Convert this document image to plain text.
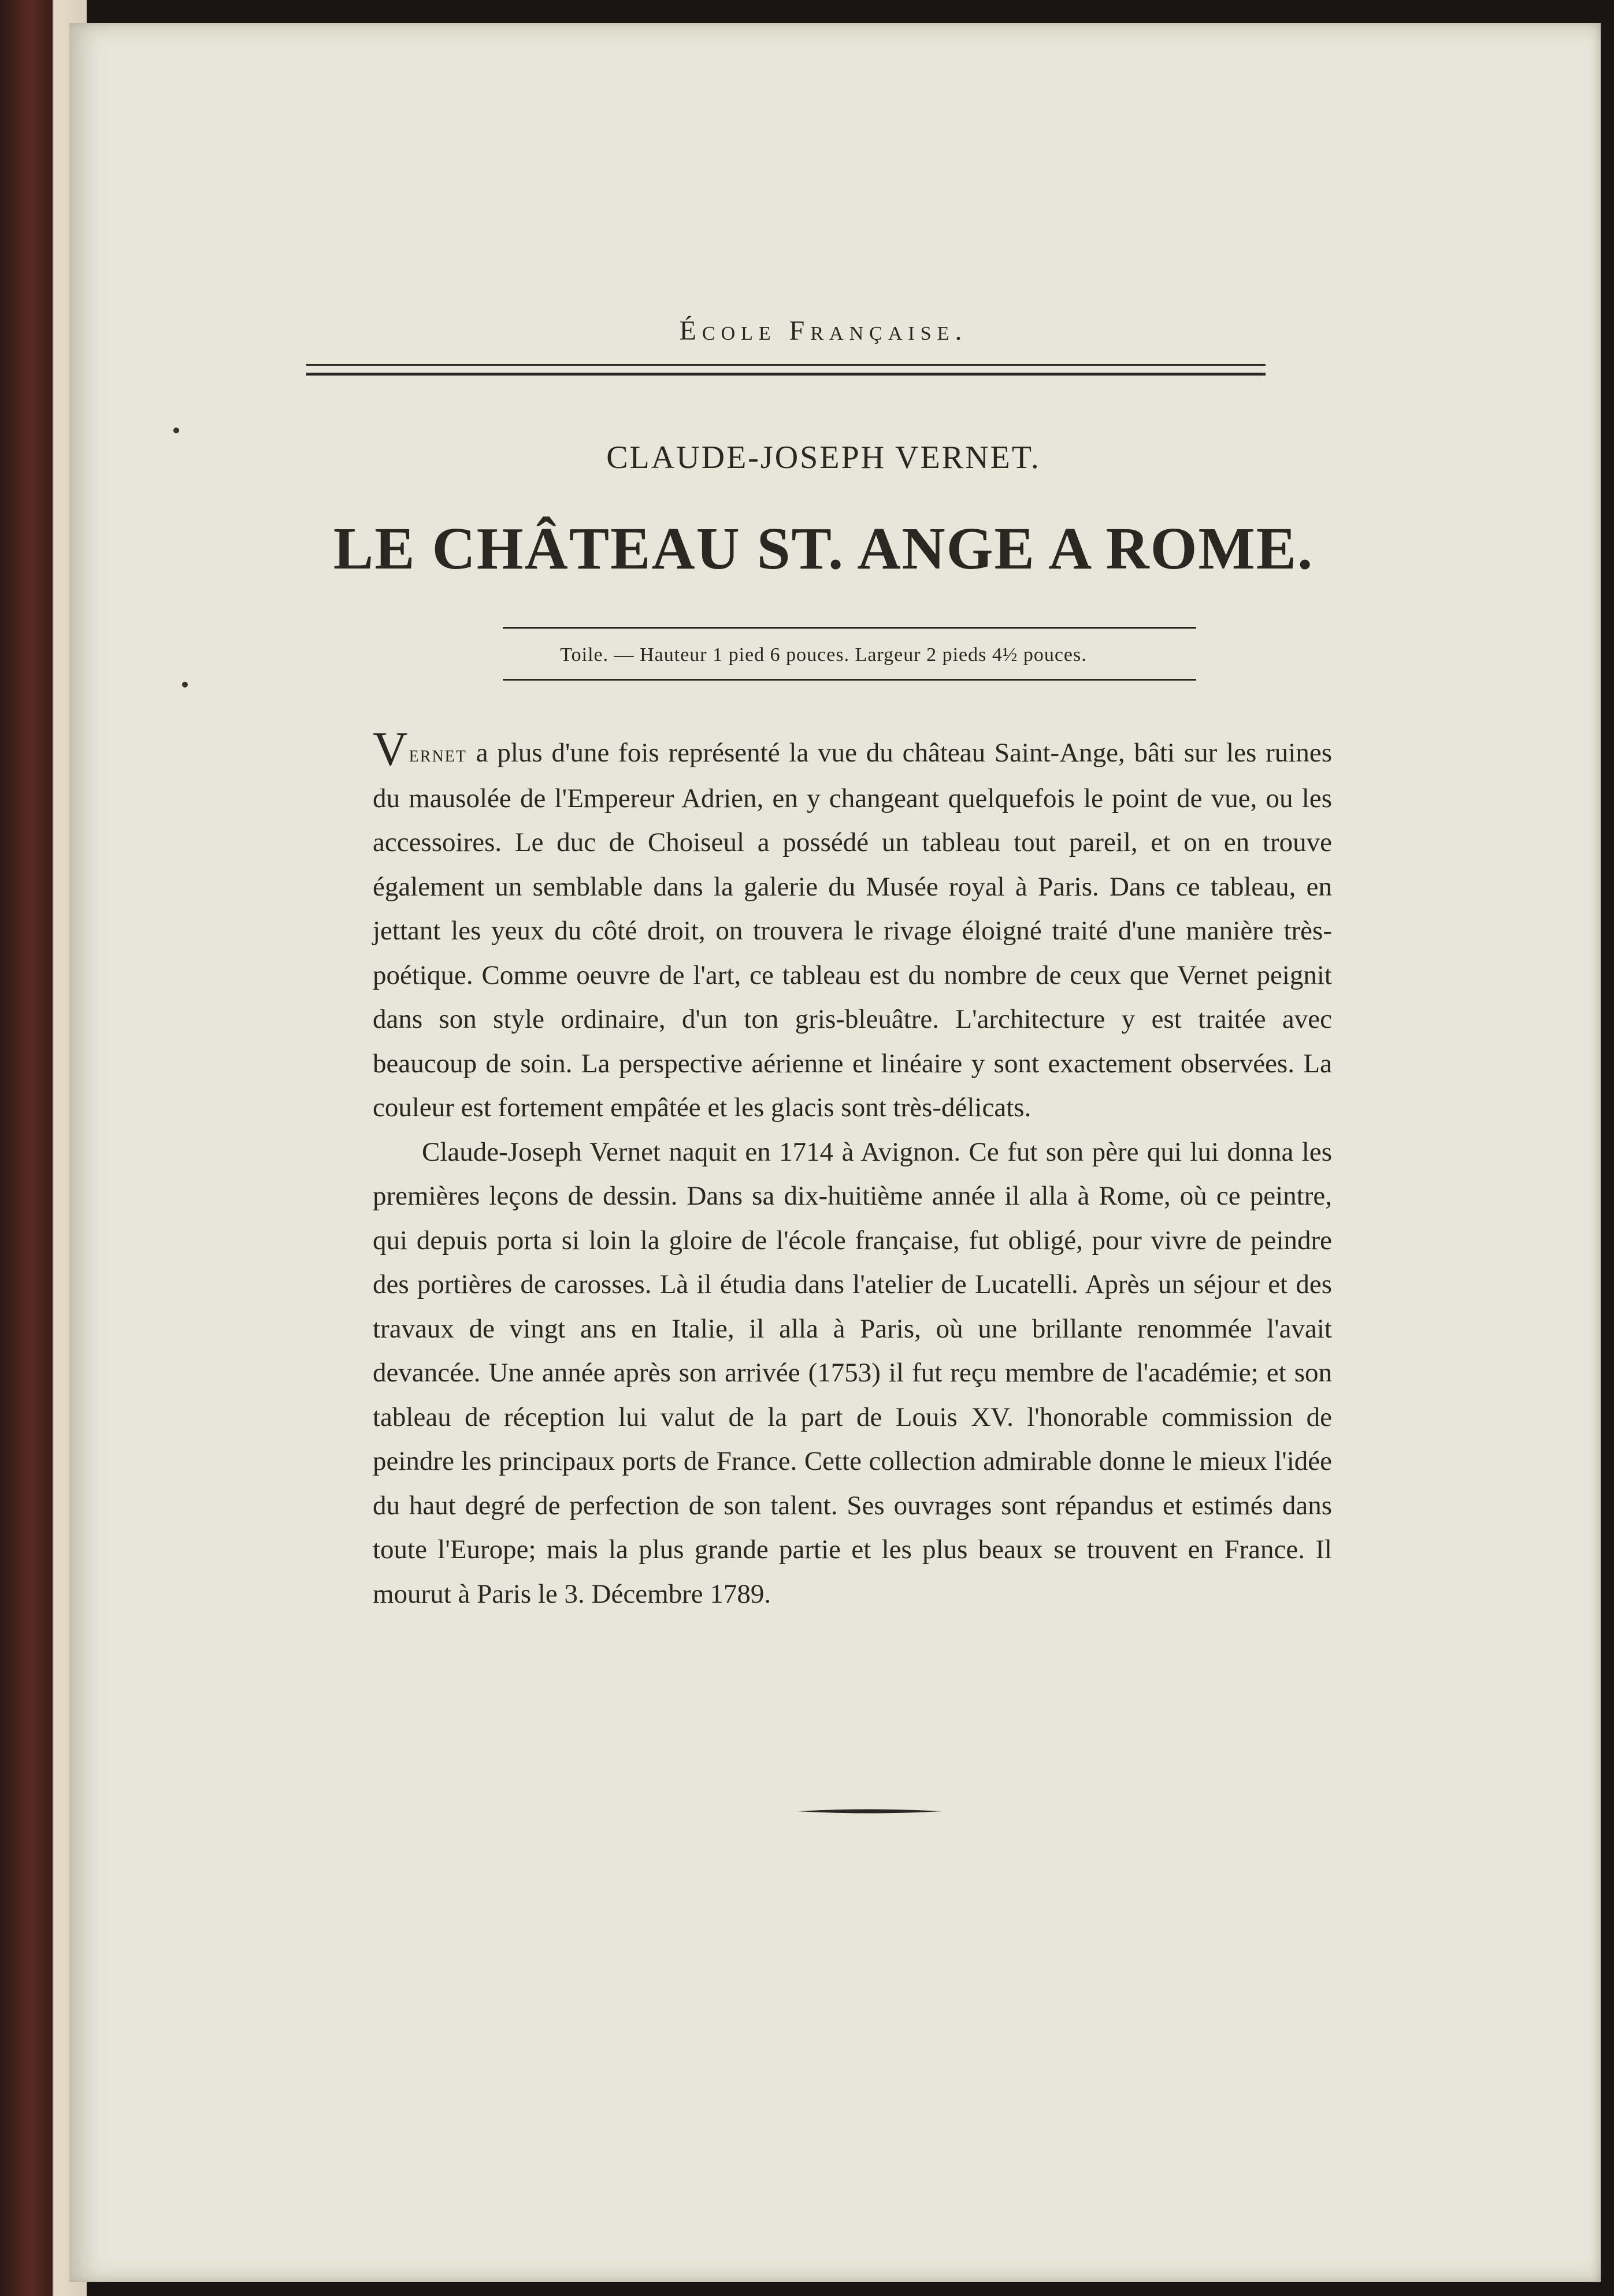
École Française.
CLAUDE-JOSEPH VERNET.
LE CHÂTEAU ST. ANGE A ROME.
Toile. — Hauteur 1 pied 6 pouces. Largeur 2 pieds 4½ pouces.

Vernet a plus d'une fois représenté la vue du château Saint-Ange, bâti sur les ruines du mausolée de l'Empereur Adrien, en y changeant quelquefois le point de vue, ou les accessoires. Le duc de Choiseul a possédé un tableau tout pareil, et on en trouve également un semblable dans la galerie du Musée royal à Paris. Dans ce tableau, en jettant les yeux du côté droit, on trouvera le rivage éloigné traité d'une manière très-poétique. Comme oeuvre de l'art, ce tableau est du nombre de ceux que Vernet peignit dans son style ordinaire, d'un ton gris-bleuâtre. L'architecture y est traitée avec beaucoup de soin. La perspective aérienne et linéaire y sont exactement observées. La couleur est fortement empâtée et les glacis sont très-délicats.

Claude-Joseph Vernet naquit en 1714 à Avignon. Ce fut son père qui lui donna les premières leçons de dessin. Dans sa dix-huitième année il alla à Rome, où ce peintre, qui depuis porta si loin la gloire de l'école française, fut obligé, pour vivre de peindre des portières de carosses. Là il étudia dans l'atelier de Lucatelli. Après un séjour et des travaux de vingt ans en Italie, il alla à Paris, où une brillante renommée l'avait devancée. Une année après son arrivée (1753) il fut reçu membre de l'académie; et son tableau de réception lui valut de la part de Louis XV. l'honorable commission de peindre les principaux ports de France. Cette collection admirable donne le mieux l'idée du haut degré de perfection de son talent. Ses ouvrages sont répandus et estimés dans toute l'Europe; mais la plus grande partie et les plus beaux se trouvent en France. Il mourut à Paris le 3. Décembre 1789.
